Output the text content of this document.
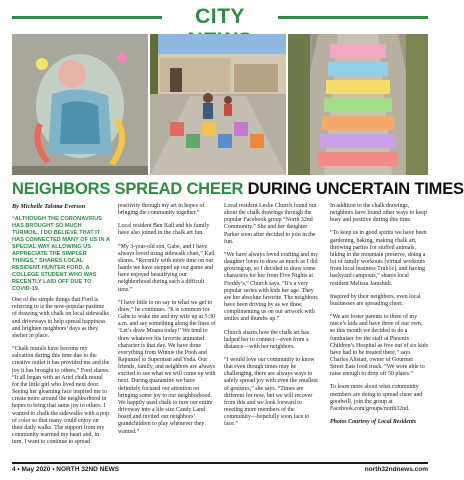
CITY
NEIGHBORS SPREAD CHEER DURING UNCERTAIN TIMES
By Michelle Talsma Everson
“ALTHOUGH THE CORONAVIRUS HAS BROUGHT SO MUCH TURMOIL, I DO BELIEVE THAT IT HAS CONNECTED MANY OF US IN A SPECIAL WAY ALLOWING US APPRECIATE THE SIMPLER THINGS,” SHARES LOCAL RESIDENT HUNTER FORD, A COLLEGE STUDENT WHO WAS RECENTLY LAID OFF DUE TO COVID-19.

One of the simple things that Ford is referring to is the now-popular pastime of drawing with chalk on local sidewalks and driveways to help spread happiness and brighten neighbors’ days as they shelter in place.

“Chalk murals have become my salvation during this time due to the creative outlet it has provided me and the joy it has brought to others,” Ford shares. “It all began with an Ariel chalk mural for the little girl who lived next door. Seeing her gleaming face inspired me to create more around the neighborhood in hopes to bring that same joy to others. I wanted to chalk the sidewalks with a pop of color so that many could enjoy on their daily walks. The support from my community warmed my heart and, in turn, I want to continue to spread

positivity through my art in hopes of bringing the community together.”

Local resident Ben Kail and his family have also joined in the chalk art fun.

“My 3-year-old son, Gabe, and I have always loved using sidewalk chart,” Kail shares. “Recently with more time on our hands we have stepped up our game and have enjoyed beautifying our neighborhood during such a difficult time.”

“I have little to no say in what we get to draw,” he continues. “It is common for Gabe to wake me and my wife up at 5:30 a.m. and say something along the lines of ‘Let’s draw Moana today!’ We tend to draw whatever his favorite animated character is that day. We have done everything from Winnie the Pooh and Rapunzel to Superman and Yoda. Our friends, family, and neighbors are always excited to see what we will come up with next. During quarantine we have definitely focused our attention on bringing some joy to our neighborhood. We happily used chalk to turn our entire driveway into a life size Candy Land board and invited our neighbors’ grandchildren to play whenever they wanted.”

Local resident Leslie Church found out about the chalk drawings through the popular Facebook group “North 32nd Community.” She and her daughter Parker soon after decided to join in the fun.

“We have always loved crafting and my daughter loves to draw as much as I did growing up, so I decided to draw some characters for her from Five Nights at Freddy’s,” Church says. “It’s a very popular series with kids her age. They are her absolute favorite. The neighbors have been driving by as we draw, complimenting us on our artwork with smiles and thumbs up.”

Church shares how the chalk art has helped her to connect—even from a distance—with her neighbors.

“I would love our community to know that even though times may be challenging, there are always ways to safely spread joy with even the smallest of gestures,” she says. “Times are different for now, but we will recover from this and we look forward to meeting more members of the community—hopefully soon face to face.”

In addition to the chalk drawings, neighbors have found other ways to keep busy and positive during this time.

“To keep us in good spirits we have been gardening, baking, making chalk art, throwing parties for stuffed animals, hiking in the mountain preserve, doing a lot of family workouts [virtual workouts from local business Trub1e], and having backyard campouts,” shares local resident Melissa Jamshidi.

Inspired by their neighbors, even local businesses are spreading cheer.

“We are foster parents to three of my niece’s kids and have three of our own, so this month we decided to do a fundraiser for the staff at Phoenix Children’s Hospital as five out of six kids have had to be treated there,” says Charles Altstatt, owner of Gourmet Street Eats food truck. “We were able to raise enough to drop off 50 plates.”

To learn more about what community members are doing to spread cheer and goodwill, join the group at Facebook.com/groups/north32nd.

Photos Courtesy of Local Residents

4 • May 2020 • NORTH 32ND NEWS	north32ndnews.com
